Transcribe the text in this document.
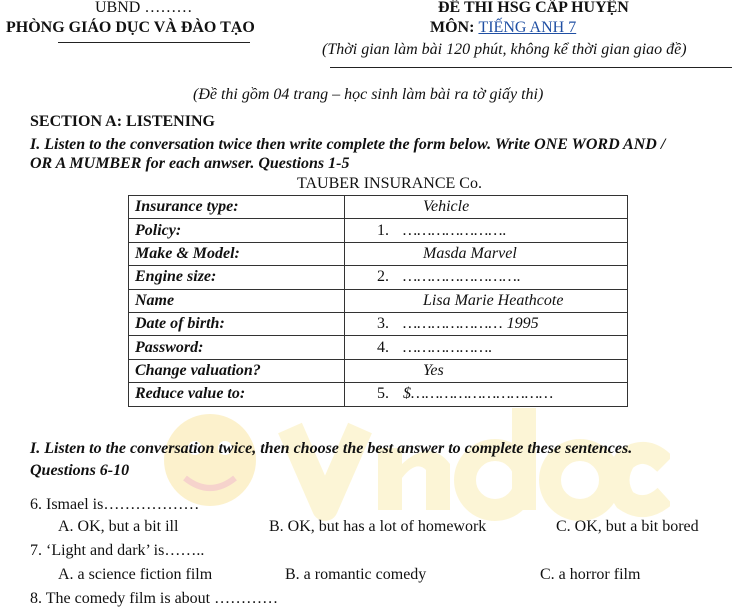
UBND ………
PHÒNG GIÁO DỤC VÀ ĐÀO TẠO
ĐỀ THI HSG CẤP HUYỆN
MÔN: TIẾNG ANH 7
(Thời gian làm bài 120 phút, không kể thời gian giao đề)
(Đề thi gồm 04 trang – học sinh làm bài ra tờ giấy thi)
SECTION A: LISTENING
I. Listen to the conversation twice then write complete the form below. Write ONE WORD AND /
OR A MUMBER for each anwser. Questions 1-5
TAUBER INSURANCE Co.
Insurance type:	Vehicle
Policy:	1. ………………….
Make & Model:	Masda Marvel
Engine size:	2. …………………….
Name	Lisa Marie Heathcote
Date of birth:	3. ………………… 1995
Password:	4. ……………….
Change valuation?	Yes
Reduce value to:	5. $…………………………
I. Listen to the conversation twice, then choose the best answer to complete these sentences.
Questions 6-10
6. Ismael is………………
A. OK, but a bit ill	B. OK, but has a lot of homework	C. OK, but a bit bored
7. ‘Light and dark’ is……..
A. a science fiction film	B. a romantic comedy	C. a horror film
8. The comedy film is about …………
